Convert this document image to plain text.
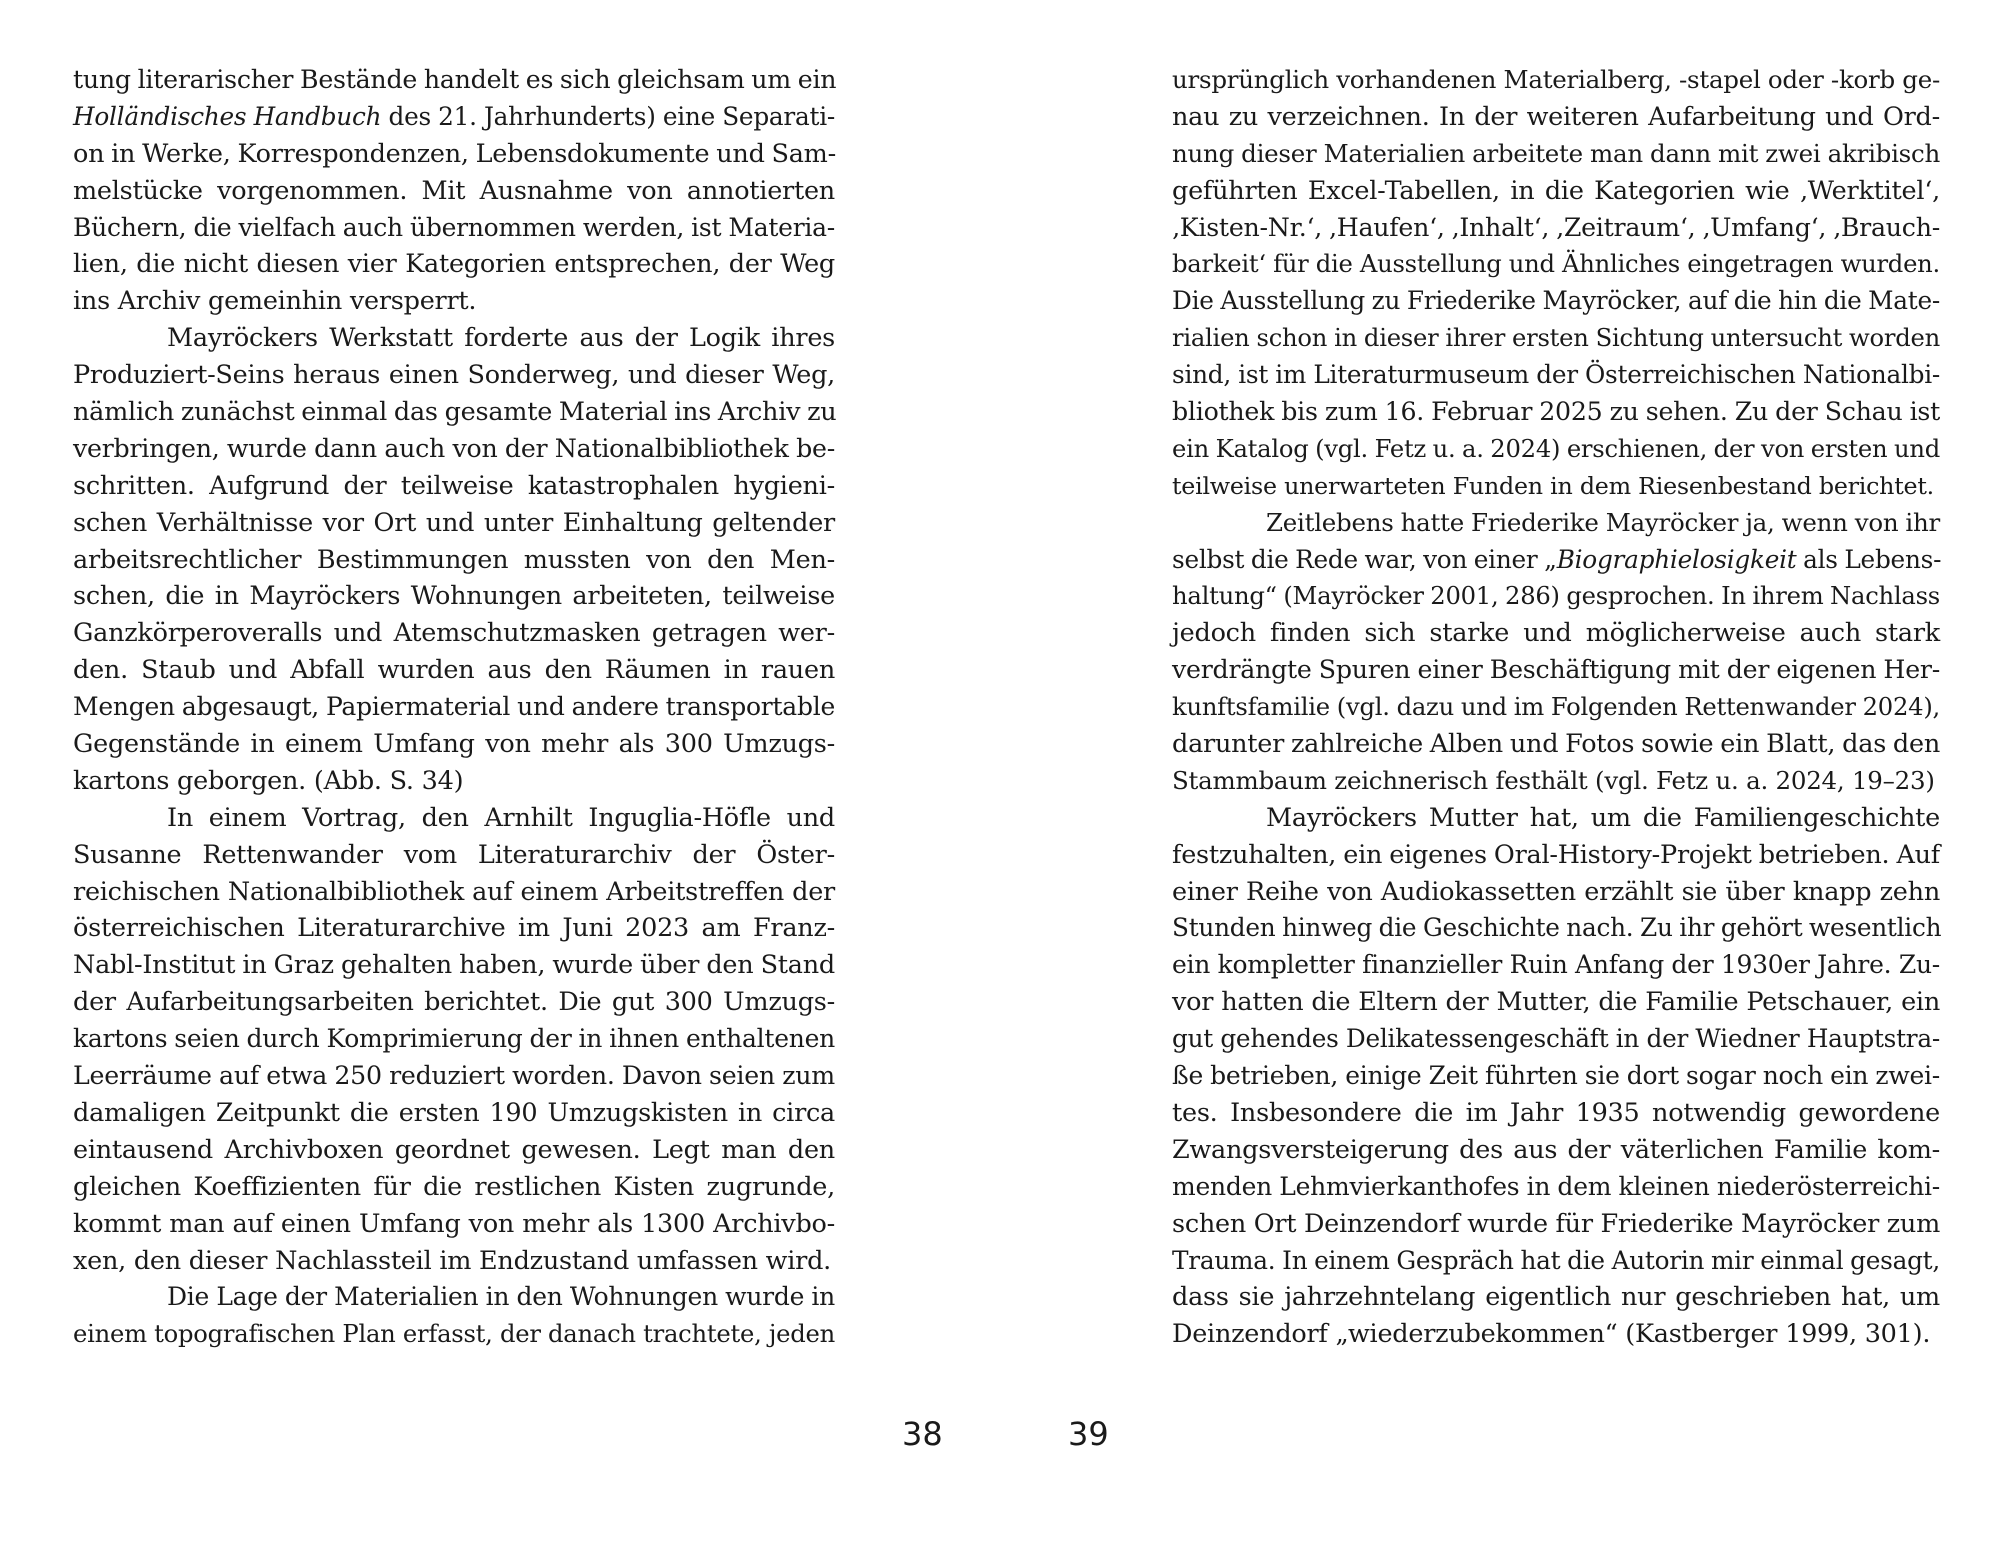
tung literarischer Bestände handelt es sich gleichsam um ein
Holländisches Handbuch des 21. Jahrhunderts) eine Separati-
on in Werke, Korrespondenzen, Lebensdokumente und Sam-
melstücke vorgenommen. Mit Ausnahme von annotierten
Büchern, die vielfach auch übernommen werden, ist Materia-
lien, die nicht diesen vier Kategorien entsprechen, der Weg
ins Archiv gemeinhin versperrt.
Mayröckers Werkstatt forderte aus der Logik ihres
Produziert-Seins heraus einen Sonderweg, und dieser Weg,
nämlich zunächst einmal das gesamte Material ins Archiv zu
verbringen, wurde dann auch von der Nationalbibliothek be-
schritten. Aufgrund der teilweise katastrophalen hygieni-
schen Verhältnisse vor Ort und unter Einhaltung geltender
arbeitsrechtlicher Bestimmungen mussten von den Men-
schen, die in Mayröckers Wohnungen arbeiteten, teilweise
Ganzkörperoveralls und Atemschutzmasken getragen wer-
den. Staub und Abfall wurden aus den Räumen in rauen
Mengen abgesaugt, Papiermaterial und andere transportable
Gegenstände in einem Umfang von mehr als 300 Umzugs-
kartons geborgen. (Abb. S. 34)
In einem Vortrag, den Arnhilt Inguglia-Höfle und
Susanne Rettenwander vom Literaturarchiv der Öster-
reichischen Nationalbibliothek auf einem Arbeitstreffen der
österreichischen Literaturarchive im Juni 2023 am Franz-
Nabl-Institut in Graz gehalten haben, wurde über den Stand
der Aufarbeitungsarbeiten berichtet. Die gut 300 Umzugs-
kartons seien durch Komprimierung der in ihnen enthaltenen
Leerräume auf etwa 250 reduziert worden. Davon seien zum
damaligen Zeitpunkt die ersten 190 Umzugskisten in circa
eintausend Archivboxen geordnet gewesen. Legt man den
gleichen Koeffizienten für die restlichen Kisten zugrunde,
kommt man auf einen Umfang von mehr als 1300 Archivbo-
xen, den dieser Nachlassteil im Endzustand umfassen wird.
Die Lage der Materialien in den Wohnungen wurde in
einem topografischen Plan erfasst, der danach trachtete, jeden
ursprünglich vorhandenen Materialberg, -stapel oder -korb ge-
nau zu verzeichnen. In der weiteren Aufarbeitung und Ord-
nung dieser Materialien arbeitete man dann mit zwei akribisch
geführten Excel-Tabellen, in die Kategorien wie ‚Werktitel‘,
‚Kisten-Nr.‘, ‚Haufen‘, ‚Inhalt‘, ‚Zeitraum‘, ‚Umfang‘, ‚Brauch-
barkeit‘ für die Ausstellung und Ähnliches eingetragen wurden.
Die Ausstellung zu Friederike Mayröcker, auf die hin die Mate-
rialien schon in dieser ihrer ersten Sichtung untersucht worden
sind, ist im Literaturmuseum der Österreichischen Nationalbi-
bliothek bis zum 16. Februar 2025 zu sehen. Zu der Schau ist
ein Katalog (vgl. Fetz u. a. 2024) erschienen, der von ersten und
teilweise unerwarteten Funden in dem Riesenbestand berichtet.
Zeitlebens hatte Friederike Mayröcker ja, wenn von ihr
selbst die Rede war, von einer „Biographielosigkeit als Lebens-
haltung“ (Mayröcker 2001, 286) gesprochen. In ihrem Nachlass
jedoch finden sich starke und möglicherweise auch stark
verdrängte Spuren einer Beschäftigung mit der eigenen Her-
kunftsfamilie (vgl. dazu und im Folgenden Rettenwander 2024),
darunter zahlreiche Alben und Fotos sowie ein Blatt, das den
Stammbaum zeichnerisch festhält (vgl. Fetz u. a. 2024, 19–23)
Mayröckers Mutter hat, um die Familiengeschichte
festzuhalten, ein eigenes Oral-History-Projekt betrieben. Auf
einer Reihe von Audiokassetten erzählt sie über knapp zehn
Stunden hinweg die Geschichte nach. Zu ihr gehört wesentlich
ein kompletter finanzieller Ruin Anfang der 1930er Jahre. Zu-
vor hatten die Eltern der Mutter, die Familie Petschauer, ein
gut gehendes Delikatessengeschäft in der Wiedner Hauptstra-
ße betrieben, einige Zeit führten sie dort sogar noch ein zwei-
tes. Insbesondere die im Jahr 1935 notwendig gewordene
Zwangsversteigerung des aus der väterlichen Familie kom-
menden Lehmvierkanthofes in dem kleinen niederösterreichi-
schen Ort Deinzendorf wurde für Friederike Mayröcker zum
Trauma. In einem Gespräch hat die Autorin mir einmal gesagt,
dass sie jahrzehntelang eigentlich nur geschrieben hat, um
Deinzendorf „wiederzubekommen“ (Kastberger 1999, 301).
38	39
